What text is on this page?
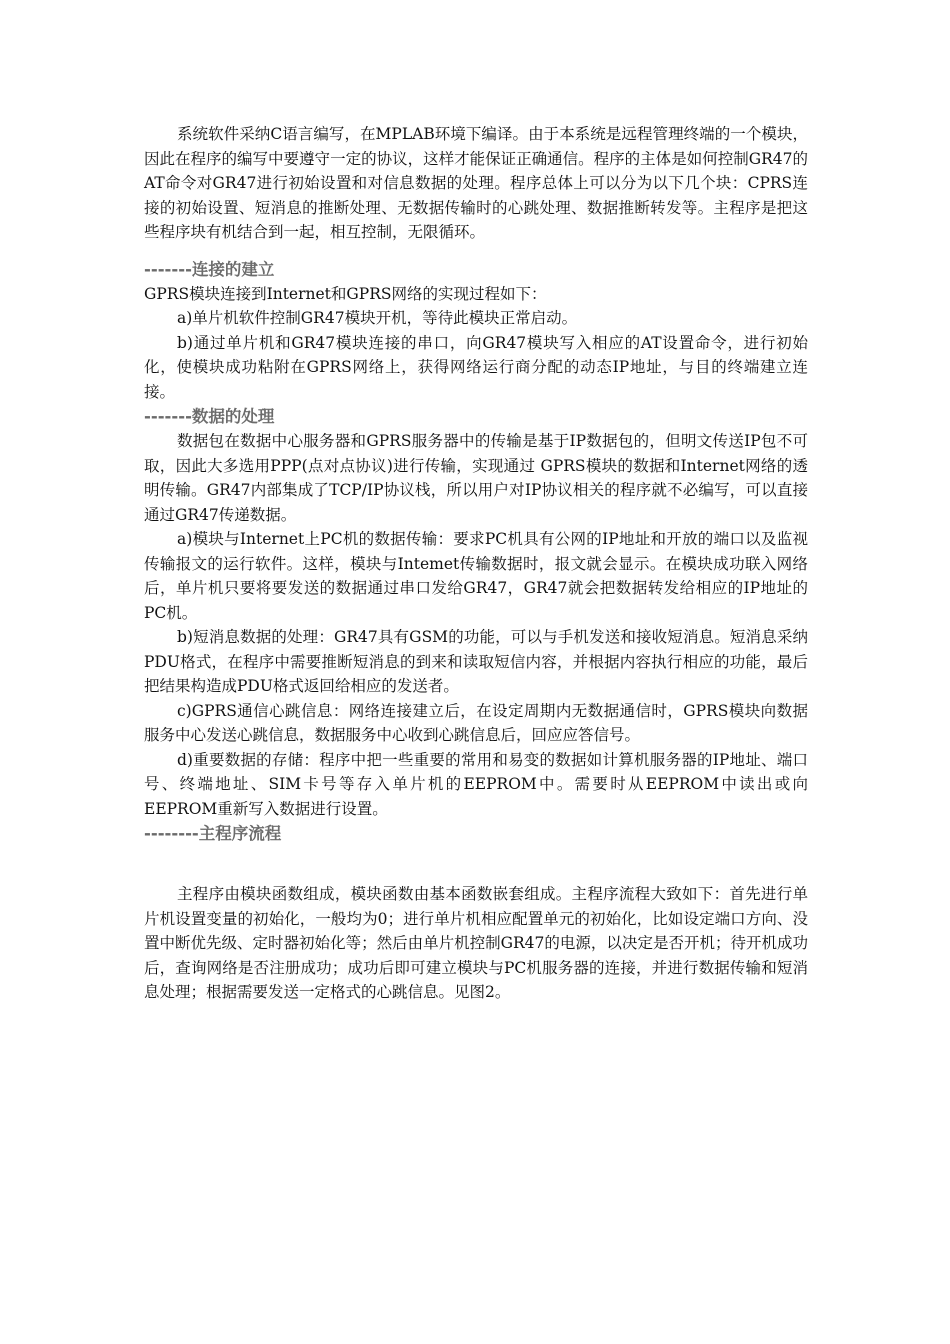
系统软件采纳C语言编写，在MPLAB环境下编译。由于本系统是远程管理终端的一个模块，因此在程序的编写中要遵守一定的协议，这样才能保证正确通信。程序的主体是如何控制GR47的AT命令对GR47进行初始设置和对信息数据的处理。程序总体上可以分为以下几个块：CPRS连接的初始设置、短消息的推断处理、无数据传输时的心跳处理、数据推断转发等。主程序是把这些程序块有机结合到一起，相互控制，无限循环。

-------连接的建立

GPRS模块连接到Internet和GPRS网络的实现过程如下：

a)单片机软件控制GR47模块开机，等待此模块正常启动。

b)通过单片机和GR47模块连接的串口，向GR47模块写入相应的AT设置命令，进行初始化，使模块成功粘附在GPRS网络上，获得网络运行商分配的动态IP地址，与目的终端建立连接。

-------数据的处理

数据包在数据中心服务器和GPRS服务器中的传输是基于IP数据包的，但明文传送IP包不可取，因此大多选用PPP(点对点协议)进行传输，实现通过 GPRS模块的数据和Internet网络的透明传输。GR47内部集成了TCP/IP协议栈，所以用户对IP协议相关的程序就不必编写，可以直接通过GR47传递数据。

a)模块与Internet上PC机的数据传输：要求PC机具有公网的IP地址和开放的端口以及监视传输报文的运行软件。这样，模块与Intemet传输数据时，报文就会显示。在模块成功联入网络后，单片机只要将要发送的数据通过串口发给GR47，GR47就会把数据转发给相应的IP地址的PC机。

b)短消息数据的处理：GR47具有GSM的功能，可以与手机发送和接收短消息。短消息采纳PDU格式，在程序中需要推断短消息的到来和读取短信内容，并根据内容执行相应的功能，最后把结果构造成PDU格式返回给相应的发送者。

c)GPRS通信心跳信息：网络连接建立后，在设定周期内无数据通信时，GPRS模块向数据服务中心发送心跳信息，数据服务中心收到心跳信息后，回应应答信号。

d)重要数据的存储：程序中把一些重要的常用和易变的数据如计算机服务器的IP地址、端口号、终端地址、SIM卡号等存入单片机的EEPROM中。需要时从EEPROM中读出或向EEPROM重新写入数据进行设置。

--------主程序流程

主程序由模块函数组成，模块函数由基本函数嵌套组成。主程序流程大致如下：首先进行单片机设置变量的初始化，一般均为0；进行单片机相应配置单元的初始化，比如设定端口方向、没置中断优先级、定时器初始化等；然后由单片机控制GR47的电源，以决定是否开机；待开机成功后，查询网络是否注册成功；成功后即可建立模块与PC机服务器的连接，并进行数据传输和短消息处理；根据需要发送一定格式的心跳信息。见图2。
